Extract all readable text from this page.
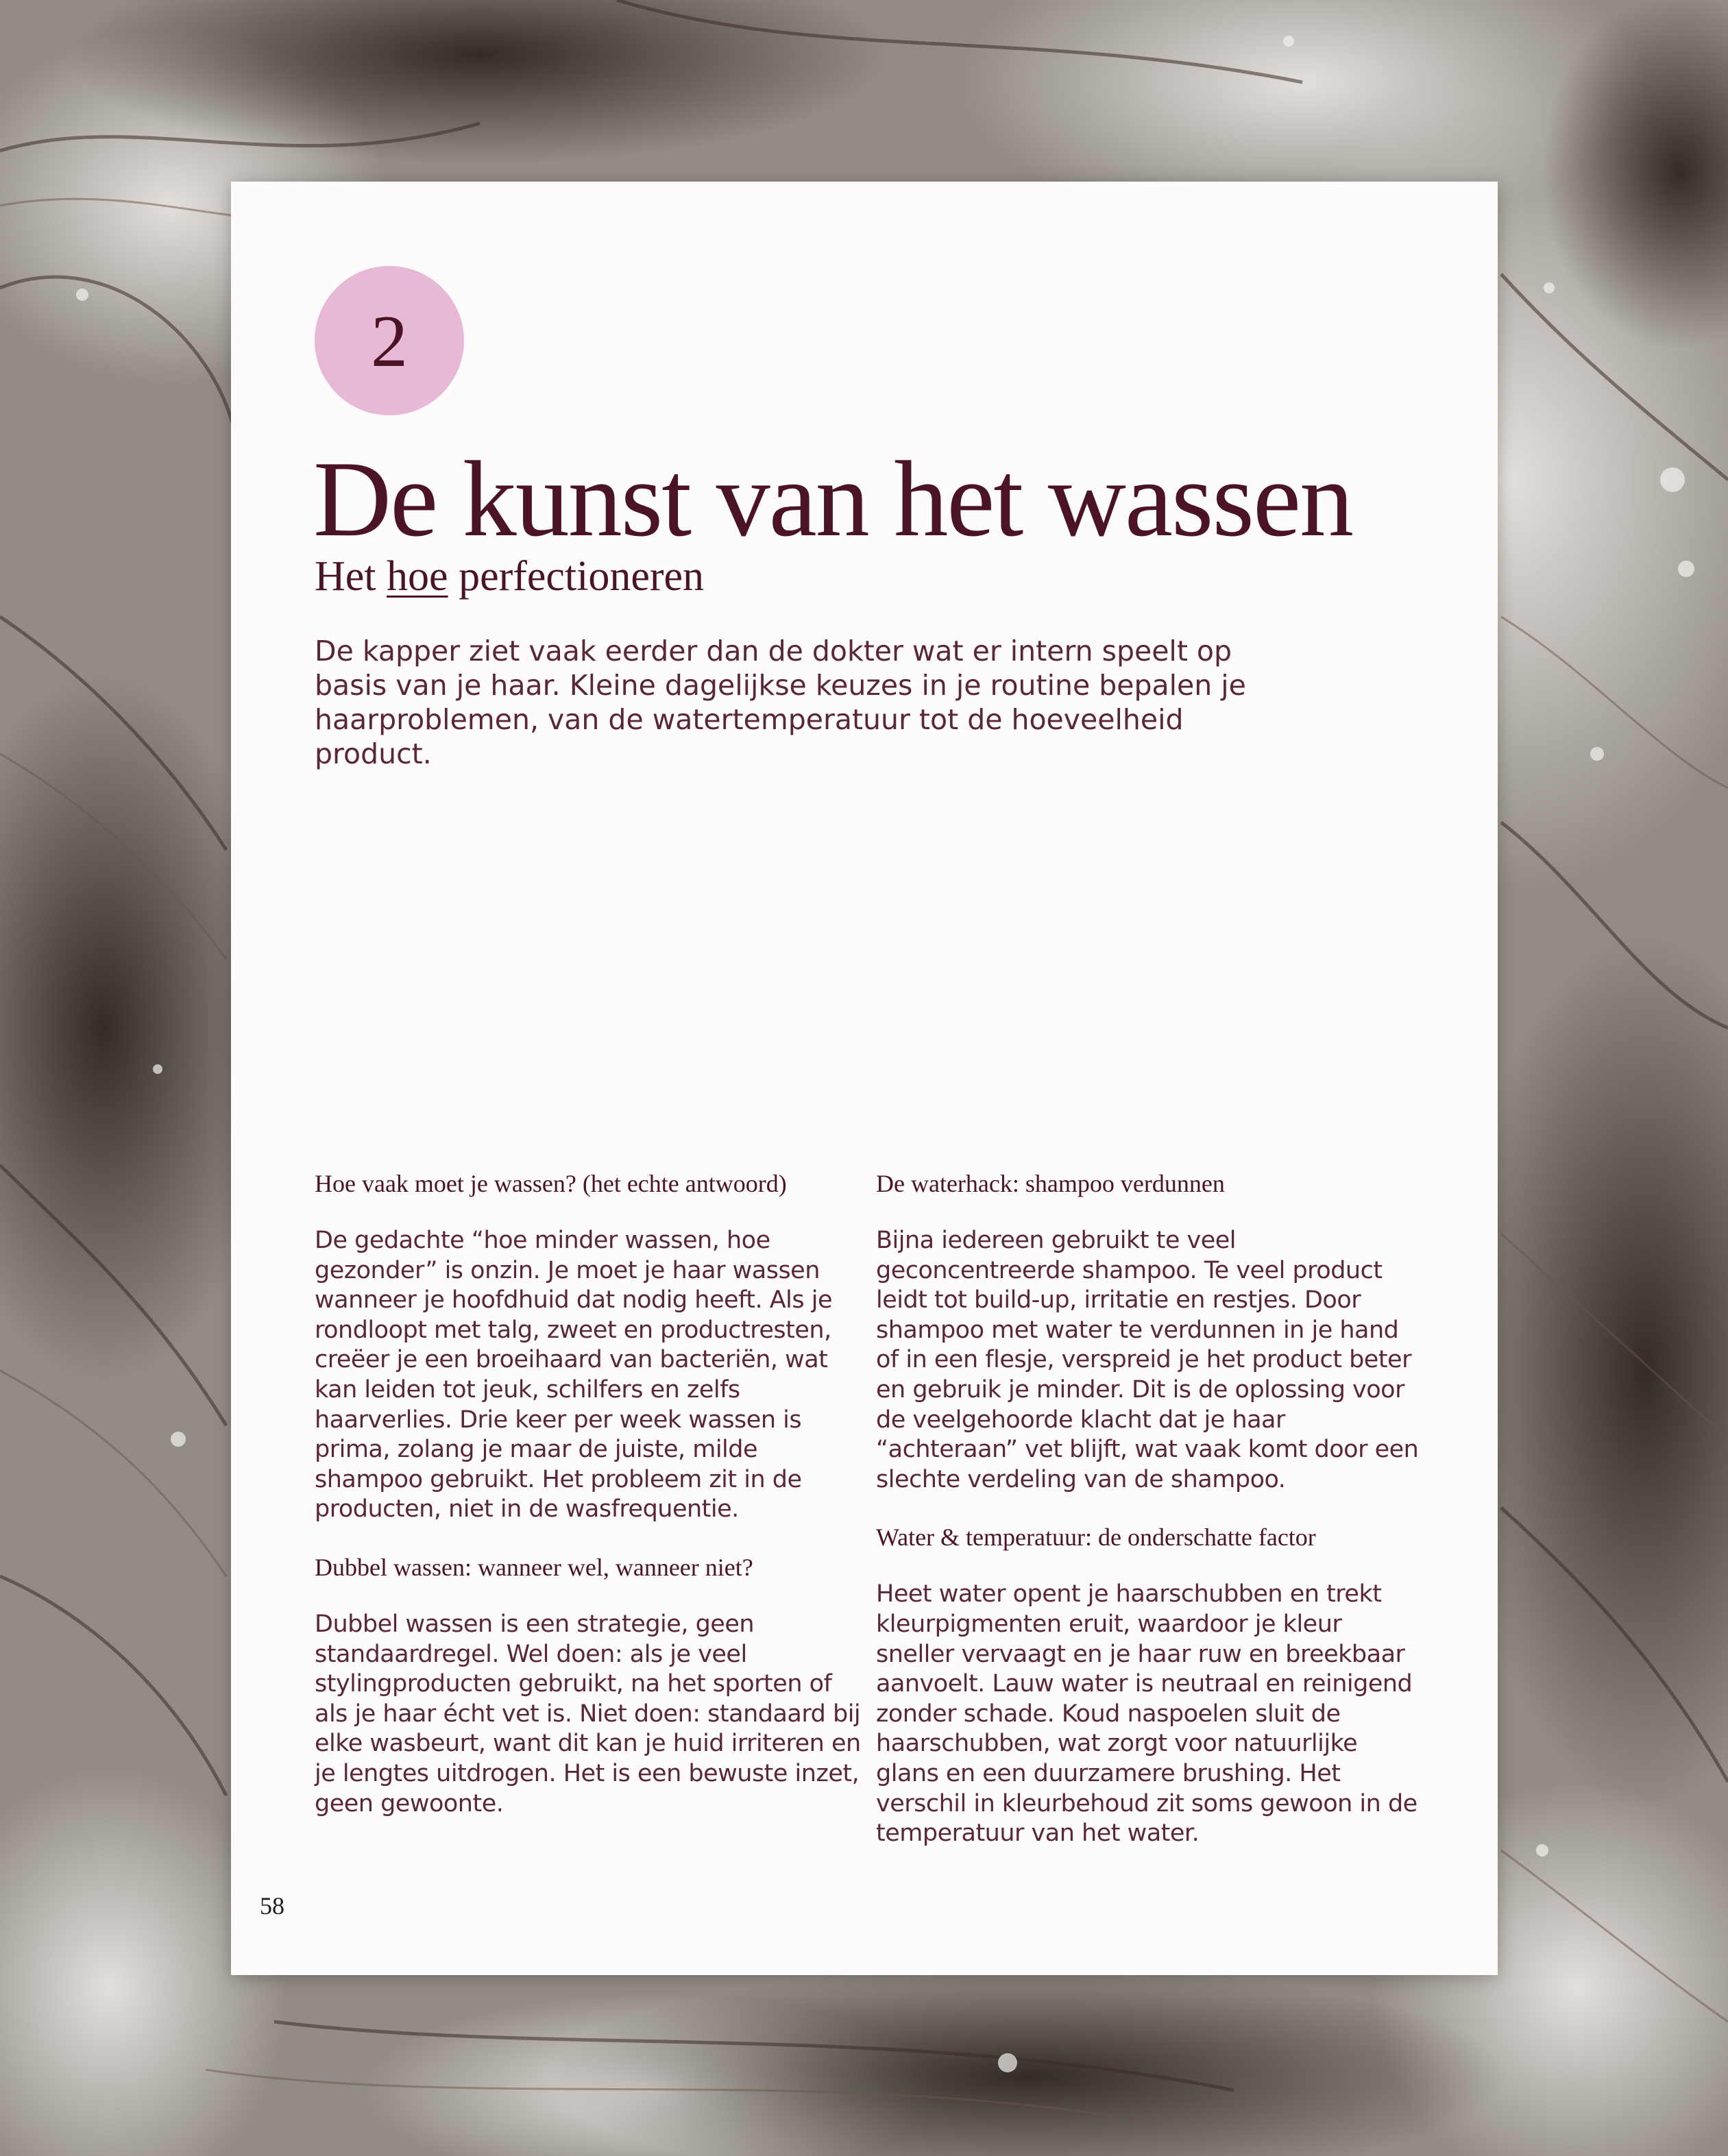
2
De kunst van het wassen
Het hoe perfectioneren

De kapper ziet vaak eerder dan de dokter wat er intern speelt op basis van je haar. Kleine dagelijkse keuzes in je routine bepalen je haarproblemen, van de watertemperatuur tot de hoeveelheid product.

Hoe vaak moet je wassen? (het echte antwoord)

De gedachte “hoe minder wassen, hoe gezonder” is onzin. Je moet je haar wassen wanneer je hoofdhuid dat nodig heeft. Als je rondloopt met talg, zweet en productresten, creëer je een broeihaard van bacteriën, wat kan leiden tot jeuk, schilfers en zelfs haarverlies. Drie keer per week wassen is prima, zolang je maar de juiste, milde shampoo gebruikt. Het probleem zit in de producten, niet in de wasfrequentie.

Dubbel wassen: wanneer wel, wanneer niet?

Dubbel wassen is een strategie, geen standaardregel. Wel doen: als je veel stylingproducten gebruikt, na het sporten of als je haar écht vet is. Niet doen: standaard bij elke wasbeurt, want dit kan je huid irriteren en je lengtes uitdrogen. Het is een bewuste inzet, geen gewoonte.

De waterhack: shampoo verdunnen

Bijna iedereen gebruikt te veel geconcentreerde shampoo. Te veel product leidt tot build-up, irritatie en restjes. Door shampoo met water te verdunnen in je hand of in een flesje, verspreid je het product beter en gebruik je minder. Dit is de oplossing voor de veelgehoorde klacht dat je haar “achteraan” vet blijft, wat vaak komt door een slechte verdeling van de shampoo.

Water & temperatuur: de onderschatte factor

Heet water opent je haarschubben en trekt kleurpigmenten eruit, waardoor je kleur sneller vervaagt en je haar ruw en breekbaar aanvoelt. Lauw water is neutraal en reinigend zonder schade. Koud naspoelen sluit de haarschubben, wat zorgt voor natuurlijke glans en een duurzamere brushing. Het verschil in kleurbehoud zit soms gewoon in de temperatuur van het water.

58
